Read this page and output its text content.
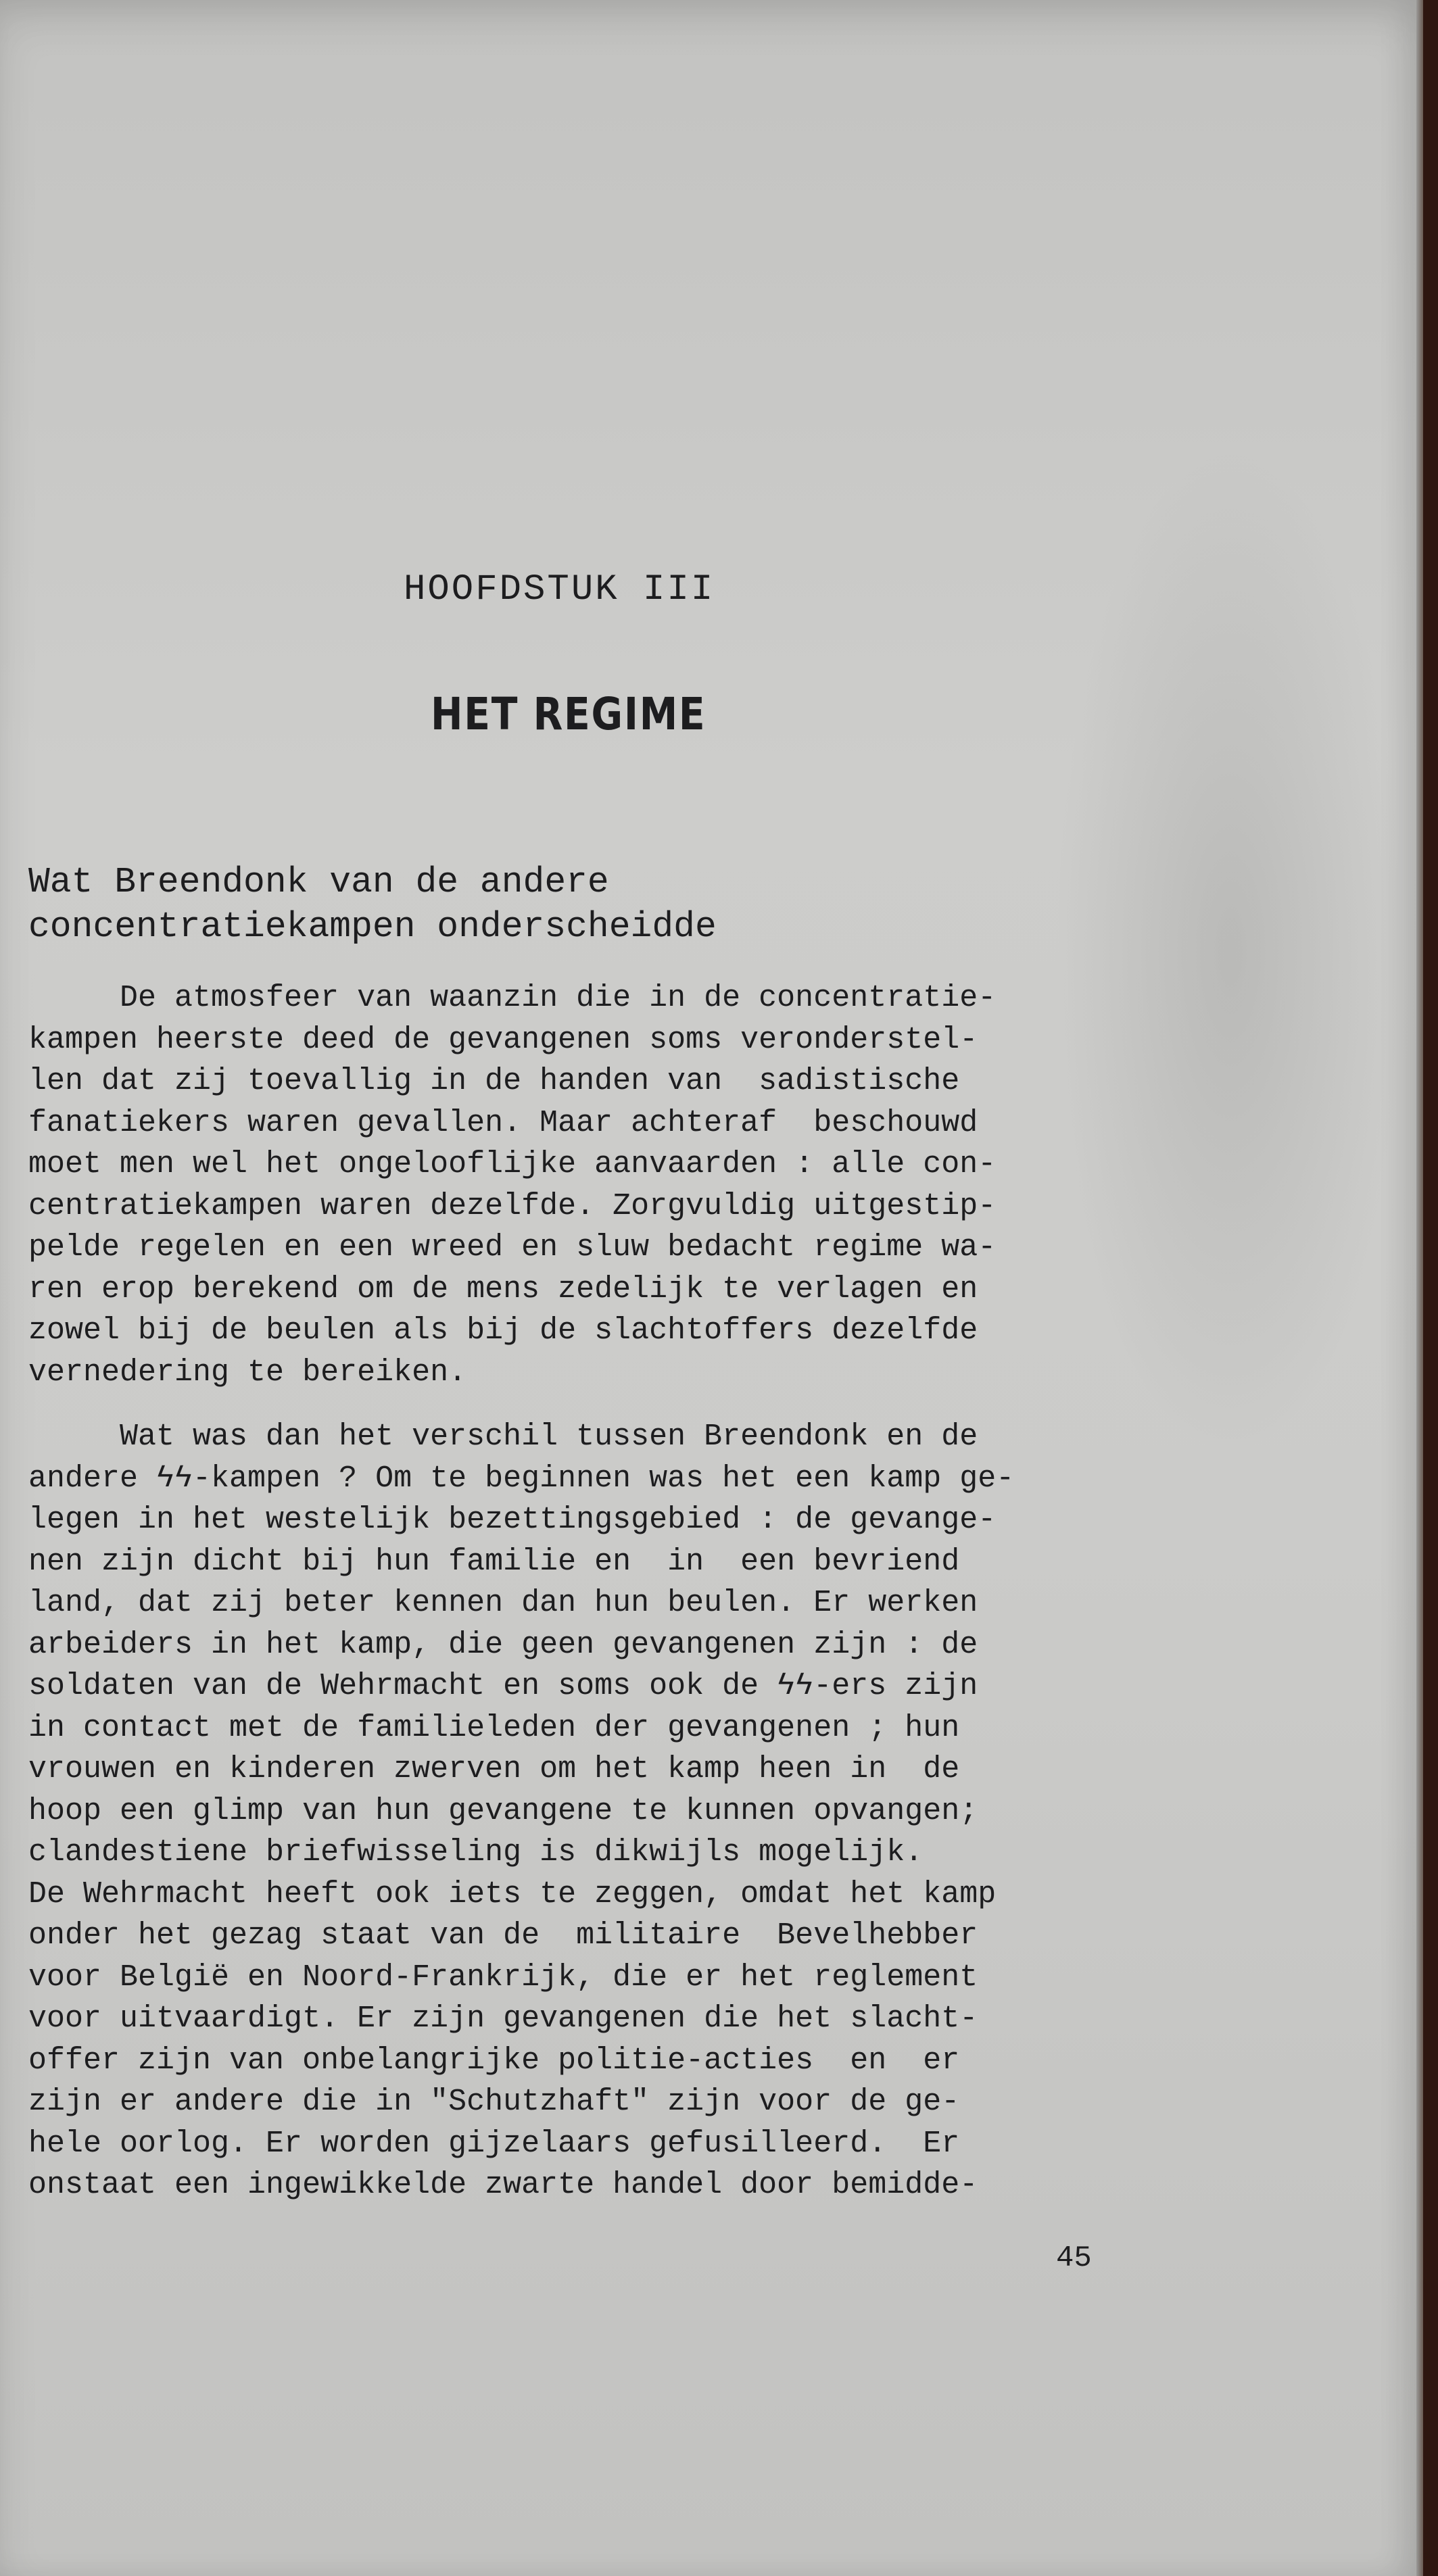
HOOFDSTUK III
HET REGIME
Wat Breendonk van de andere
concentratiekampen onderscheidde
De atmosfeer van waanzin die in de concentratie-
kampen heerste deed de gevangenen soms veronderstel-
len dat zij toevallig in de handen van  sadistische
fanatiekers waren gevallen. Maar achteraf  beschouwd
moet men wel het ongelooflijke aanvaarden : alle con-
centratiekampen waren dezelfde. Zorgvuldig uitgestip-
pelde regelen en een wreed en sluw bedacht regime wa-
ren erop berekend om de mens zedelijk te verlagen en
zowel bij de beulen als bij de slachtoffers dezelfde
vernedering te bereiken.
Wat was dan het verschil tussen Breendonk en de
andere ϟϟ-kampen ? Om te beginnen was het een kamp ge-
legen in het westelijk bezettingsgebied : de gevange-
nen zijn dicht bij hun familie en  in  een bevriend
land, dat zij beter kennen dan hun beulen. Er werken
arbeiders in het kamp, die geen gevangenen zijn : de
soldaten van de Wehrmacht en soms ook de ϟϟ-ers zijn
in contact met de familieleden der gevangenen ; hun
vrouwen en kinderen zwerven om het kamp heen in  de
hoop een glimp van hun gevangene te kunnen opvangen;
clandestiene briefwisseling is dikwijls mogelijk.
De Wehrmacht heeft ook iets te zeggen, omdat het kamp
onder het gezag staat van de  militaire  Bevelhebber
voor België en Noord-Frankrijk, die er het reglement
voor uitvaardigt. Er zijn gevangenen die het slacht-
offer zijn van onbelangrijke politie-acties  en  er
zijn er andere die in "Schutzhaft" zijn voor de ge-
hele oorlog. Er worden gijzelaars gefusilleerd.  Er
onstaat een ingewikkelde zwarte handel door bemidde-
45
